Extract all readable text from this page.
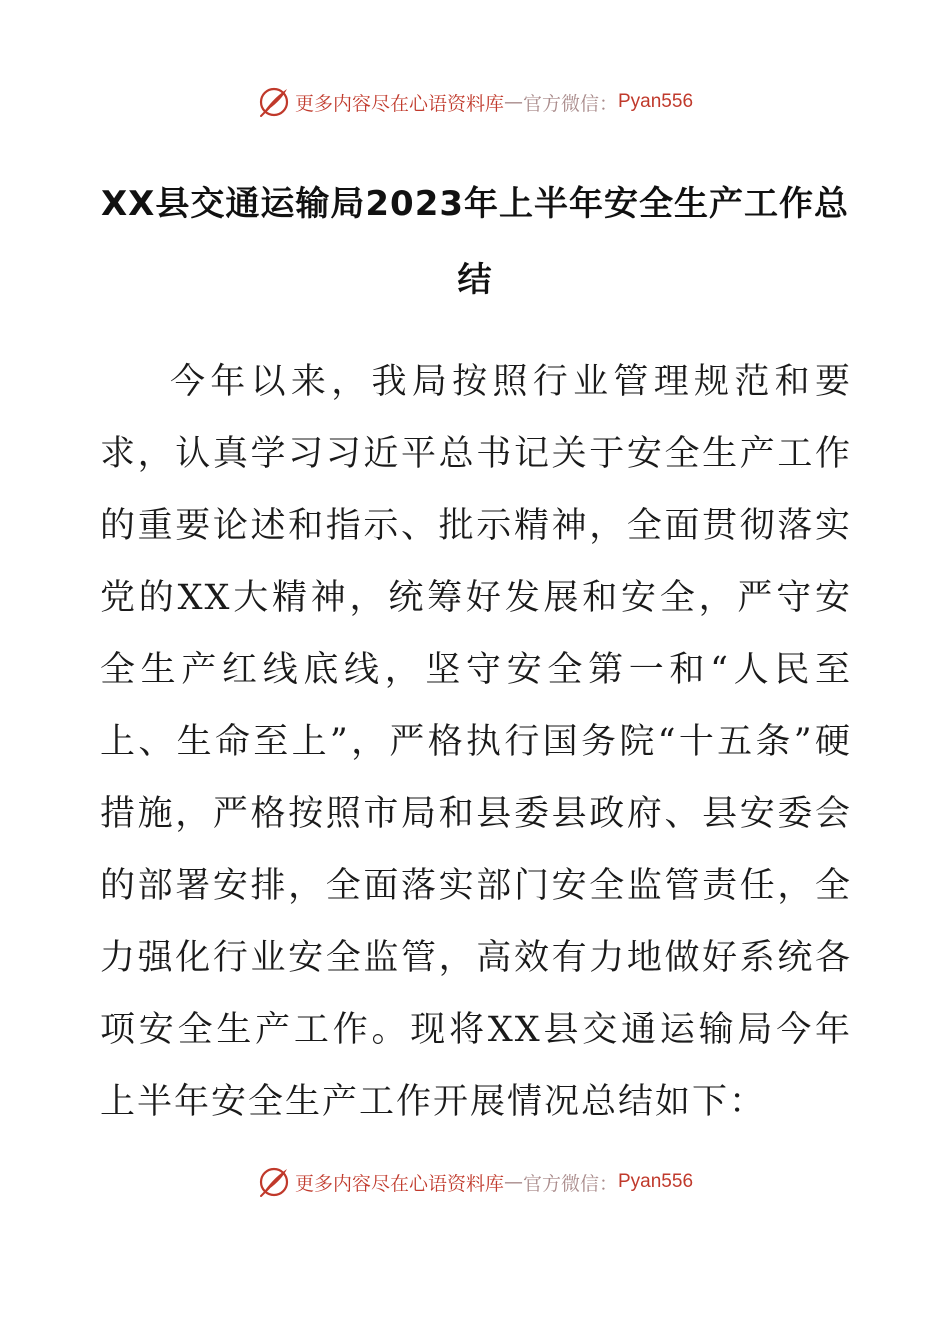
更多内容尽在心语资料库 — 官方微信： Pyan556
XX县交通运输局2023年上半年安全生产工作总结

今年以来，我局按照行业管理规范和要求，认真学习习近平总书记关于安全生产工作的重要论述和指示、批示精神，全面贯彻落实党的XX大精神，统筹好发展和安全，严守安全生产红线底线，坚守安全第一和“人民至上、生命至上”，严格执行国务院“十五条”硬措施，严格按照市局和县委县政府、县安委会的部署安排，全面落实部门安全监管责任，全力强化行业安全监管，高效有力地做好系统各项安全生产工作。现将XX县交通运输局今年上半年安全生产工作开展情况总结如下：

更多内容尽在心语资料库 — 官方微信： Pyan556
